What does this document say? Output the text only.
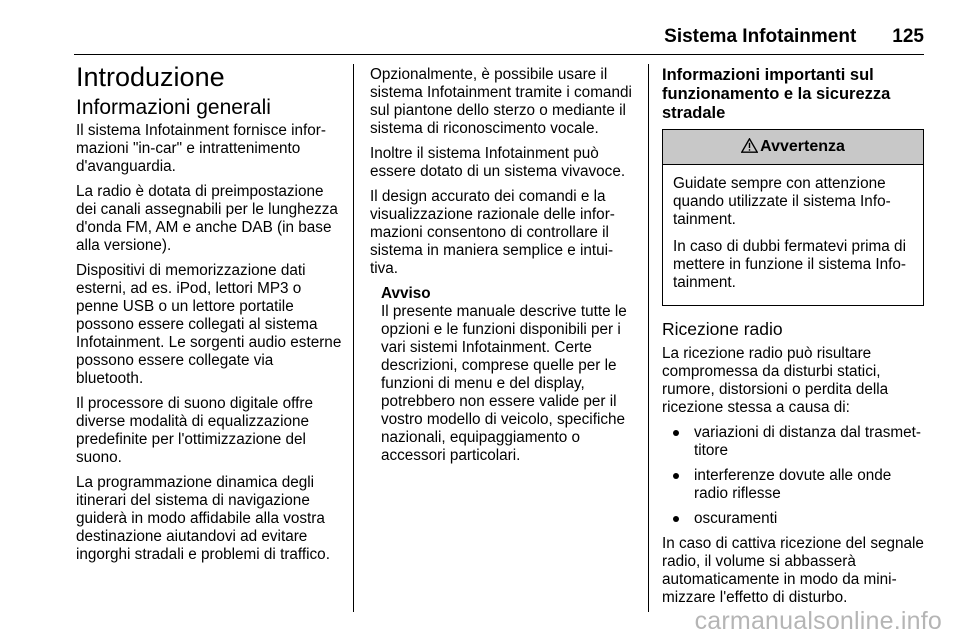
Sistema Infotainment 125
Introduzione
Informazioni generali

Il sistema Infotainment fornisce infor-mazioni "in-car" e intrattenimento d'avanguardia.

La radio è dotata di preimpostazione dei canali assegnabili per le lunghezza d'onda FM, AM e anche DAB (in base alla versione).

Dispositivi di memorizzazione dati esterni, ad es. iPod, lettori MP3 o penne USB o un lettore portatile possono essere collegati al sistema Infotainment. Le sorgenti audio esterne possono essere collegate via bluetooth.

Il processore di suono digitale offre diverse modalità di equalizzazione predefinite per l'ottimizzazione del suono.

La programmazione dinamica degli itinerari del sistema di navigazione guiderà in modo affidabile alla vostra destinazione aiutandovi ad evitare ingorghi stradali e problemi di traffico.

Opzionalmente, è possibile usare il sistema Infotainment tramite i comandi sul piantone dello sterzo o mediante il sistema di riconoscimento vocale.

Inoltre il sistema Infotainment può essere dotato di un sistema vivavoce.

Il design accurato dei comandi e la visualizzazione razionale delle infor-mazioni consentono di controllare il sistema in maniera semplice e intui-tiva.

Avviso
Il presente manuale descrive tutte le opzioni e le funzioni disponibili per i vari sistemi Infotainment. Certe descrizioni, comprese quelle per le funzioni di menu e del display, potrebbero non essere valide per il vostro modello di veicolo, specifiche nazionali, equipaggiamento o accessori particolari.
Informazioni importanti sul funzionamento e la sicurezza stradale
Avvertenza

Guidate sempre con attenzione quando utilizzate il sistema Info-tainment.

In caso di dubbi fermatevi prima di mettere in funzione il sistema Info-tainment.

Ricezione radio

La ricezione radio può risultare compromessa da disturbi statici, rumore, distorsioni o perdita della ricezione stessa a causa di:

variazioni di distanza dal trasmet-titore
interferenze dovute alle onde radio riflesse
oscuramenti

In caso di cattiva ricezione del segnale radio, il volume si abbasserà automaticamente in modo da mini-mizzare l'effetto di disturbo.

carmanualsonline.info
